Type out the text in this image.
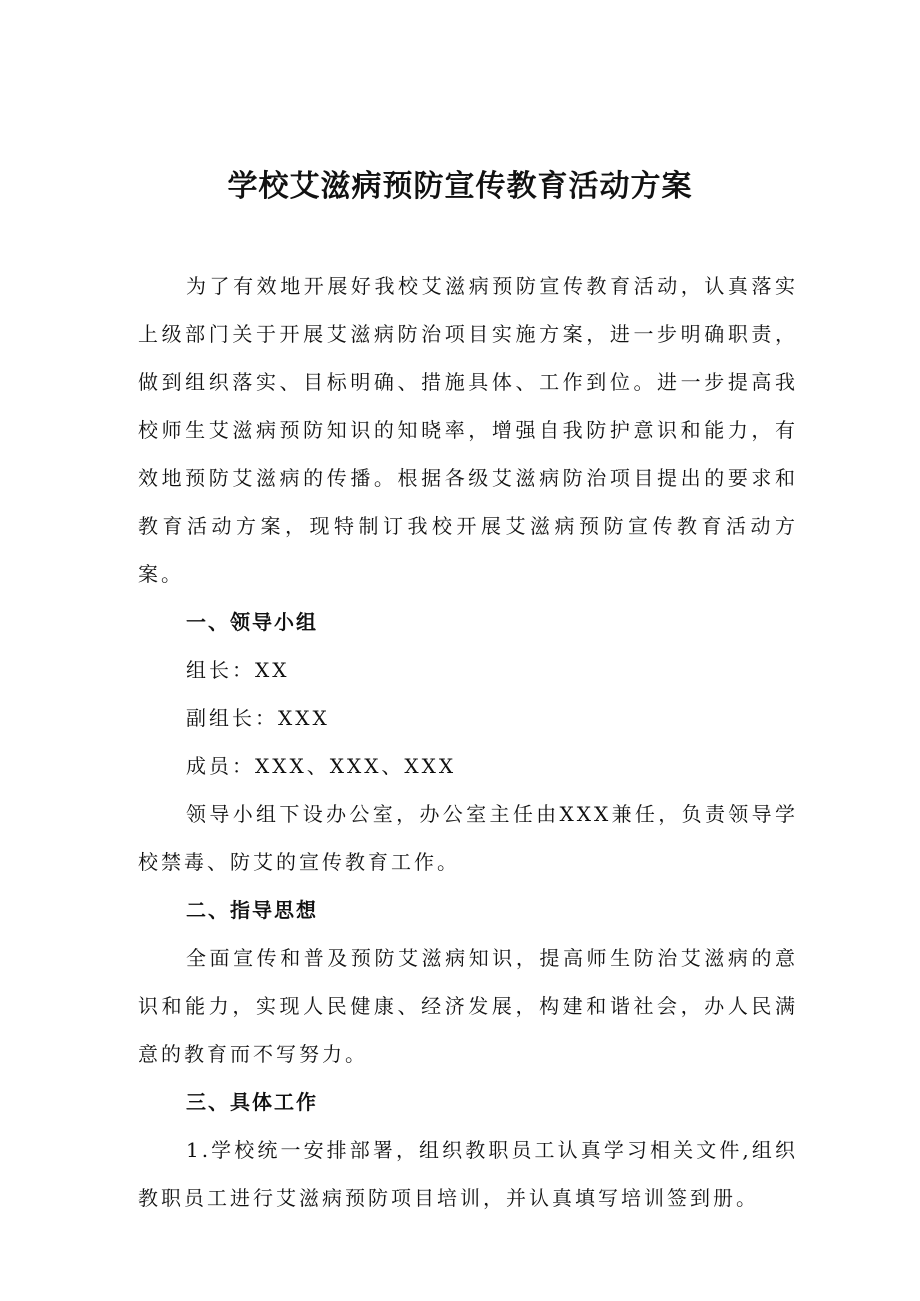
学校艾滋病预防宣传教育活动方案

为了有效地开展好我校艾滋病预防宣传教育活动，认真落实上级部门关于开展艾滋病防治项目实施方案，进一步明确职责，做到组织落实、目标明确、措施具体、工作到位。进一步提高我校师生艾滋病预防知识的知晓率，增强自我防护意识和能力，有效地预防艾滋病的传播。根据各级艾滋病防治项目提出的要求和教育活动方案，现特制订我校开展艾滋病预防宣传教育活动方案。

一、领导小组

组长：XX

副组长：XXX

成员：XXX、XXX、XXX

领导小组下设办公室，办公室主任由XXX兼任，负责领导学校禁毒、防艾的宣传教育工作。

二、指导思想

全面宣传和普及预防艾滋病知识，提高师生防治艾滋病的意识和能力，实现人民健康、经济发展，构建和谐社会，办人民满意的教育而不写努力。

三、具体工作

1.学校统一安排部署，组织教职员工认真学习相关文件,组织教职员工进行艾滋病预防项目培训，并认真填写培训签到册。
